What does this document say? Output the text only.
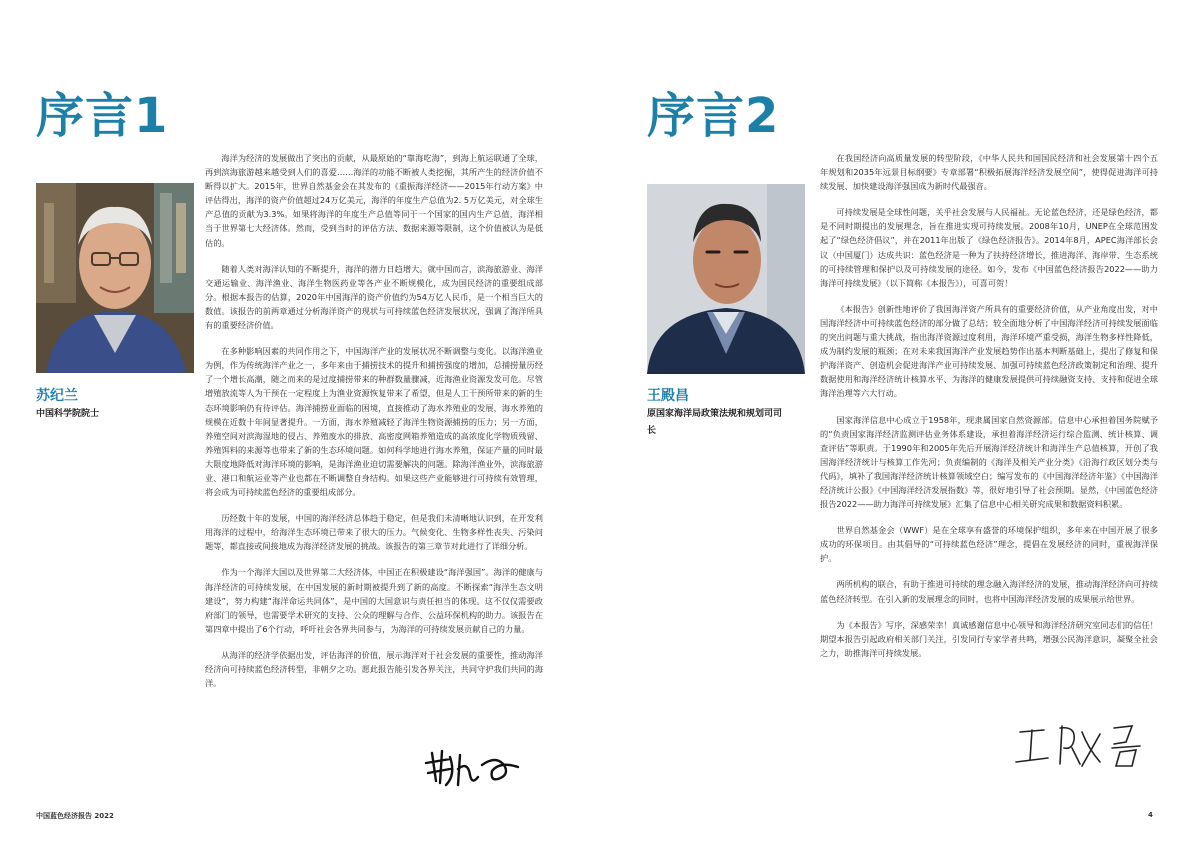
序言1
苏纪兰

中国科学院院士

海洋为经济的发展做出了突出的贡献，从最原始的“靠海吃海”，到海上航运联通了全球，再到滨海旅游越来越受到人们的喜爱……海洋的功能不断被人类挖掘，其所产生的经济价值不断得以扩大。2015年，世界自然基金会在其发布的《重振海洋经济——2015年行动方案》中评估得出，海洋的资产价值超过24万亿美元，海洋的年度生产总值为2. 5万亿美元，对全球生产总值的贡献为3.3%。如果将海洋的年度生产总值等同于一个国家的国内生产总值，海洋相当于世界第七大经济体。然而，受到当时的评估方法、数据来源等限制，这个价值被认为是低估的。

随着人类对海洋认知的不断提升，海洋的潜力日趋增大。就中国而言，滨海旅游业、海洋交通运输业、海洋渔业、海洋生物医药业等各产业不断规模化，成为国民经济的重要组成部分。根据本报告的估算，2020年中国海洋的资产价值约为54万亿人民币，是一个相当巨大的数值。该报告的前两章通过分析海洋资产的现状与可持续蓝色经济发展状况，强调了海洋所具有的重要经济价值。

在多种影响因素的共同作用之下，中国海洋产业的发展状况不断调整与变化。以海洋渔业为例，作为传统海洋产业之一，多年来由于捕捞技术的提升和捕捞强度的增加，总捕捞量历经了一个增长高潮，随之而来的是过度捕捞带来的种群数量骤减，近海渔业资源发发可危。尽管增殖放流等人为干预在一定程度上为渔业资源恢复带来了希望，但是人工干预所带来的新的生态环境影响仍有待评估。海洋捕捞业面临的困境，直接推动了海水养殖业的发展，海水养殖的规模在近数十年间显著提升。一方面，海水养殖减轻了海洋生物资源捕捞的压力；另一方面，养殖空间对滨海湿地的侵占、养殖废水的排放、高密度网箱养殖造成的高浓度化学物质残留、养殖饵料的来源等也带来了新的生态环境问题。如何科学地进行海水养殖，保证产量的同时最大限度地降低对海洋环境的影响，是海洋渔业迫切需要解决的问题。除海洋渔业外，滨海旅游业、港口和航运业等产业也都在不断调整自身结构。如果这些产业能够进行可持续有效管理，将会成为可持续蓝色经济的重要组成部分。

历经数十年的发展，中国的海洋经济总体趋于稳定，但是我们未清晰地认识到，在开发利用海洋的过程中，给海洋生态环境已带来了很大的压力。气候变化、生物多样性丧失、污染问题等，都直接或间接地成为海洋经济发展的挑战。该报告的第三章节对此进行了详细分析。

作为一个海洋大国以及世界第二大经济体，中国正在积极建设“海洋强国”。海洋的健康与海洋经济的可持续发展，在中国发展的新时期被提升到了新的高度。不断探索“海洋生态文明建设”，努力构建“海洋命运共同体”，是中国的大国意识与责任担当的体现。这不仅仅需要政府部门的领导，也需要学术研究的支持、公众的理解与合作、公益环保机构的助力。该报告在第四章中提出了6个行动，呼吁社会各界共同参与，为海洋的可持续发展贡献自己的力量。

从海洋的经济学依据出发，评估海洋的价值，展示海洋对于社会发展的重要性，推动海洋经济向可持续蓝色经济转型，非朝夕之功。愿此报告能引发各界关注，共同守护我们共同的海洋。

序言2
王殿昌

原国家海洋局政策法规和规划司司长

在我国经济向高质量发展的转型阶段，《中华人民共和国国民经济和社会发展第十四个五年规划和2035年远景目标纲要》专章部署“积极拓展海洋经济发展空间”，使得促进海洋可持续发展、加快建设海洋强国成为新时代最强音。

可持续发展是全球性问题，关乎社会发展与人民福祉。无论蓝色经济，还是绿色经济，都是不同时期提出的发展理念，旨在推进实现可持续发展。2008年10月，UNEP在全球范围发起了“绿色经济倡议”，并在2011年出版了《绿色经济报告》。2014年8月，APEC海洋部长会议（中国厦门）达成共识：蓝色经济是一种为了扶持经济增长，推进海洋、海岸带、生态系统的可持续管理和保护以及可持续发展的途径。如今，发布《中国蓝色经济报告2022——助力海洋可持续发展》（以下简称《本报告》），可喜可贺！

《本报告》创新性地评价了我国海洋资产所具有的重要经济价值，从产业角度出发，对中国海洋经济中可持续蓝色经济的部分做了总结；较全面地分析了中国海洋经济可持续发展面临的突出问题与重大挑战，指出海洋资源过度利用，海洋环境严重受损，海洋生物多样性降低，成为制约发展的瓶颈；在对未来我国海洋产业发展趋势作出基本判断基础上，提出了修复和保护海洋资产、创造机会促进海洋产业可持续发展、加强可持续蓝色经济政策制定和治理、提升数据使用和海洋经济统计核算水平、为海洋的健康发展提供可持续融资支持、支持和促进全球海洋治理等六大行动。

国家海洋信息中心成立于1958年，现隶属国家自然资源部。信息中心承担着国务院赋予的“负责国家海洋经济监测评估业务体系建设，承担着海洋经济运行综合监测、统计核算、调查评估”等职责。于1990年和2005年先后开展海洋经济统计和海洋生产总值核算，开创了我国海洋经济统计与核算工作先河；负责编制的《海洋及相关产业分类》《沿海行政区划分类与代码》，填补了我国海洋经济统计核算领域空白；编写发布的《中国海洋经济年鉴》《中国海洋经济统计公报》《中国海洋经济发展指数》等，很好地引导了社会预期。显然，《中国蓝色经济报告2022——助力海洋可持续发展》汇集了信息中心相关研究成果和数据资料积累。

世界自然基金会（WWF）是在全球享有盛誉的环境保护组织，多年来在中国开展了很多成功的环保项目。由其倡导的“可持续蓝色经济”理念，提倡在发展经济的同时，重视海洋保护。

两所机构的联合，有助于推进可持续的理念融入海洋经济的发展，推动海洋经济向可持续蓝色经济转型。在引入新的发展理念的同时，也将中国海洋经济发展的成果展示给世界。

为《本报告》写序，深感荣幸！真诚感谢信息中心领导和海洋经济研究室同志们的信任！期望本报告引起政府相关部门关注，引发同行专家学者共鸣，增强公民海洋意识，凝聚全社会之力，助推海洋可持续发展。

中国蓝色经济报告 2022	4
